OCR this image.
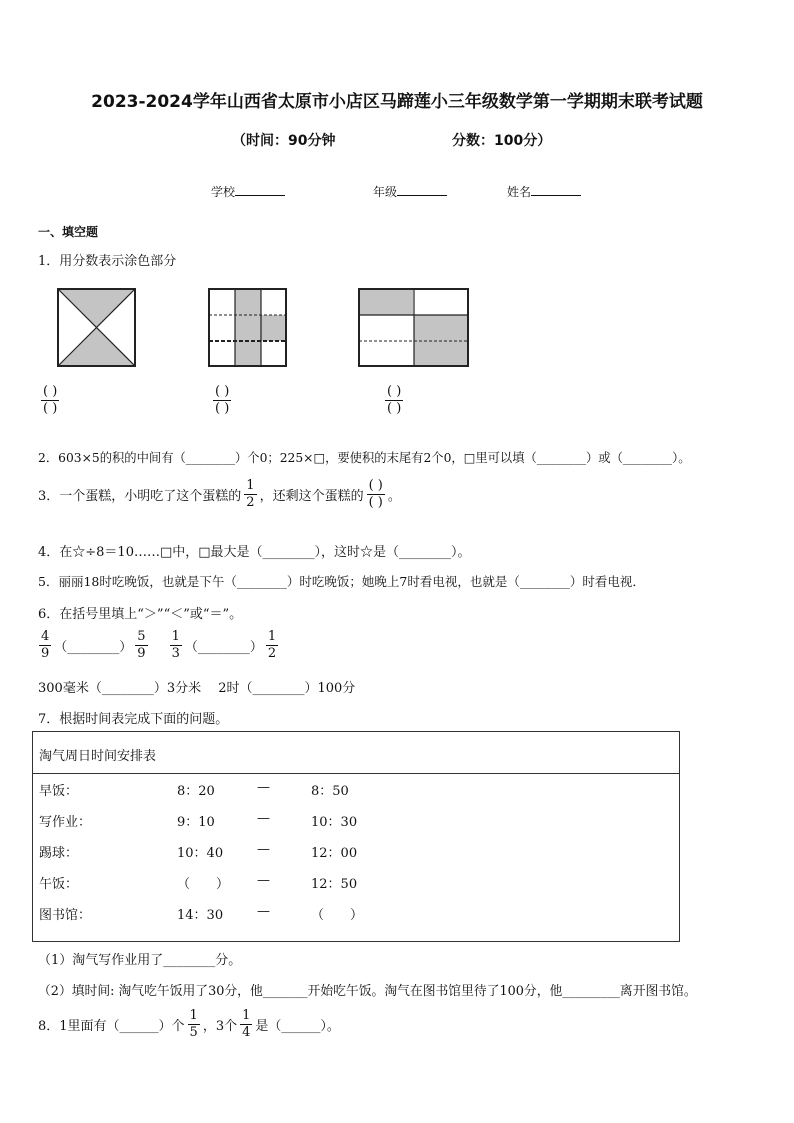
2023-2024学年山西省太原市小店区马蹄莲小三年级数学第一学期期末联考试题
（时间：90分钟	分数：100分）
学校	年级	姓名
一、填空题
1．用分数表示涂色部分
$\frac{( )}{( )}$	$\frac{( )}{( )}$	$\frac{( )}{( )}$
2．603×5的积的中间有（________）个0；225×□，要使积的末尾有2个0，□里可以填（________）或（________）。
3．一个蛋糕，小明吃了这个蛋糕的 $\frac{1}{2}$ ，还剩这个蛋糕的 $\frac{( )}{( )}$ 。
4．在☆÷8＝10……□中，□最大是（________），这时☆是（________）。
5．丽丽18时吃晚饭，也就是下午（________）时吃晚饭；她晚上7时看电视，也就是（________）时看电视．
6．在括号里填上“＞”“＜”或“＝”。
$\frac{4}{9}$ （________） $\frac{5}{9} \frac{1}{3}$ （________） $\frac{1}{2}$
300毫米（________）3分米　 2时（________）100分
7．根据时间表完成下面的问题。
淘气周日时间安排表
早饭：	8：20	—	8：50
写作业：	9：10	—	10：30
踢球：	10：40	—	12：00
午饭：	（　　） —	12：50
图书馆：	14：30	—	（　　）
（1）淘气写作业用了________分。
（2）填时间: 淘气吃午饭用了30分，他_______开始吃午饭。淘气在图书馆里待了100分，他_________离开图书馆。
8．1里面有（______）个 $\frac{1}{5}$ ，3个 $\frac{1}{4}$ 是（______）。
